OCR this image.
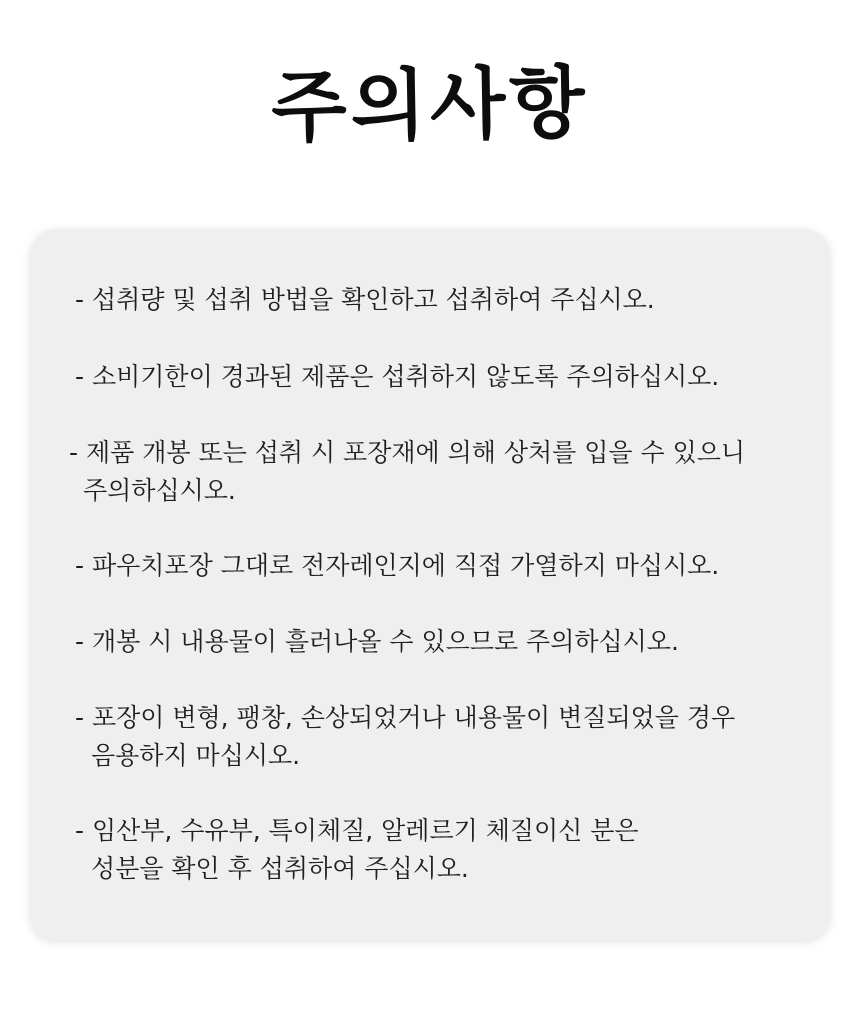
주의사항

- 섭취량 및 섭취 방법을 확인하고 섭취하여 주십시오.

- 소비기한이 경과된 제품은 섭취하지 않도록 주의하십시오.

- 제품 개봉 또는 섭취 시 포장재에 의해 상처를 입을 수 있으니
주의하십시오.

- 파우치포장 그대로 전자레인지에 직접 가열하지 마십시오.

- 개봉 시 내용물이 흘러나올 수 있으므로 주의하십시오.

- 포장이 변형, 팽창, 손상되었거나 내용물이 변질되었을 경우
음용하지 마십시오.

- 임산부, 수유부, 특이체질, 알레르기 체질이신 분은
성분을 확인 후 섭취하여 주십시오.
